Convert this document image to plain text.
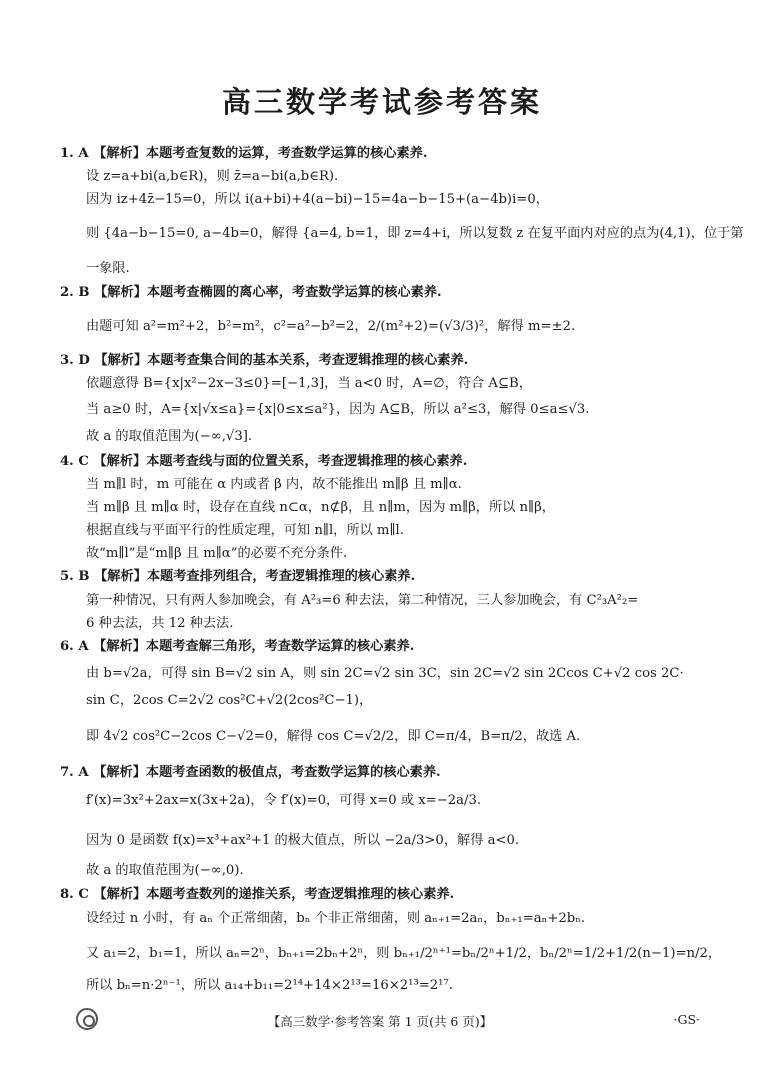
高三数学考试参考答案
1. A 【解析】本题考查复数的运算，考查数学运算的核心素养.
设 z=a+bi(a,b∈R)，则 z̄=a−bi(a,b∈R).
因为 iz+4z̄−15=0，所以 i(a+bi)+4(a−bi)−15=4a−b−15+(a−4b)i=0，
则 {4a−b−15=0, a−4b=0，解得 {a=4, b=1，即 z=4+i，所以复数 z 在复平面内对应的点为(4,1)，位于第
一象限.
2. B 【解析】本题考查椭圆的离心率，考查数学运算的核心素养.
由题可知 a²=m²+2，b²=m²，c²=a²−b²=2，2/(m²+2)=(√3/3)²，解得 m=±2.
3. D 【解析】本题考查集合间的基本关系，考查逻辑推理的核心素养.
依题意得 B={x|x²−2x−3≤0}=[−1,3]，当 a<0 时，A=∅，符合 A⊆B，
当 a≥0 时，A={x|√x≤a}={x|0≤x≤a²}，因为 A⊆B，所以 a²≤3，解得 0≤a≤√3.
故 a 的取值范围为(−∞,√3].
4. C 【解析】本题考查线与面的位置关系，考查逻辑推理的核心素养.
当 m∥l 时，m 可能在 α 内或者 β 内，故不能推出 m∥β 且 m∥α.
当 m∥β 且 m∥α 时，设存在直线 n⊂α，n⊄β，且 n∥m，因为 m∥β，所以 n∥β，
根据直线与平面平行的性质定理，可知 n∥l，所以 m∥l.
故“m∥l”是“m∥β 且 m∥α”的必要不充分条件.
5. B 【解析】本题考查排列组合，考查逻辑推理的核心素养.
第一种情况，只有两人参加晚会，有 A²₃=6 种去法，第二种情况，三人参加晚会，有 C²₃A²₂=
6 种去法，共 12 种去法.
6. A 【解析】本题考查解三角形，考查数学运算的核心素养.
由 b=√2a，可得 sin B=√2 sin A，则 sin 2C=√2 sin 3C，sin 2C=√2 sin 2Ccos C+√2 cos 2C·
sin C，2cos C=2√2 cos²C+√2(2cos²C−1)，
即 4√2 cos²C−2cos C−√2=0，解得 cos C=√2/2，即 C=π/4，B=π/2，故选 A.
7. A 【解析】本题考查函数的极值点，考查数学运算的核心素养.
f′(x)=3x²+2ax=x(3x+2a)，令 f′(x)=0，可得 x=0 或 x=−2a/3.
因为 0 是函数 f(x)=x³+ax²+1 的极大值点，所以 −2a/3>0，解得 a<0.
故 a 的取值范围为(−∞,0).
8. C 【解析】本题考查数列的递推关系，考查逻辑推理的核心素养.
设经过 n 小时，有 aₙ 个正常细菌，bₙ 个非正常细菌，则 aₙ₊₁=2aₙ，bₙ₊₁=aₙ+2bₙ.
又 a₁=2，b₁=1，所以 aₙ=2ⁿ，bₙ₊₁=2bₙ+2ⁿ，则 bₙ₊₁/2ⁿ⁺¹=bₙ/2ⁿ+1/2，bₙ/2ⁿ=1/2+1/2(n−1)=n/2，
所以 bₙ=n·2ⁿ⁻¹，所以 a₁₄+b₁₁=2¹⁴+14×2¹³=16×2¹³=2¹⁷.
【高三数学·参考答案 第 1 页(共 6 页)】	·GS·
